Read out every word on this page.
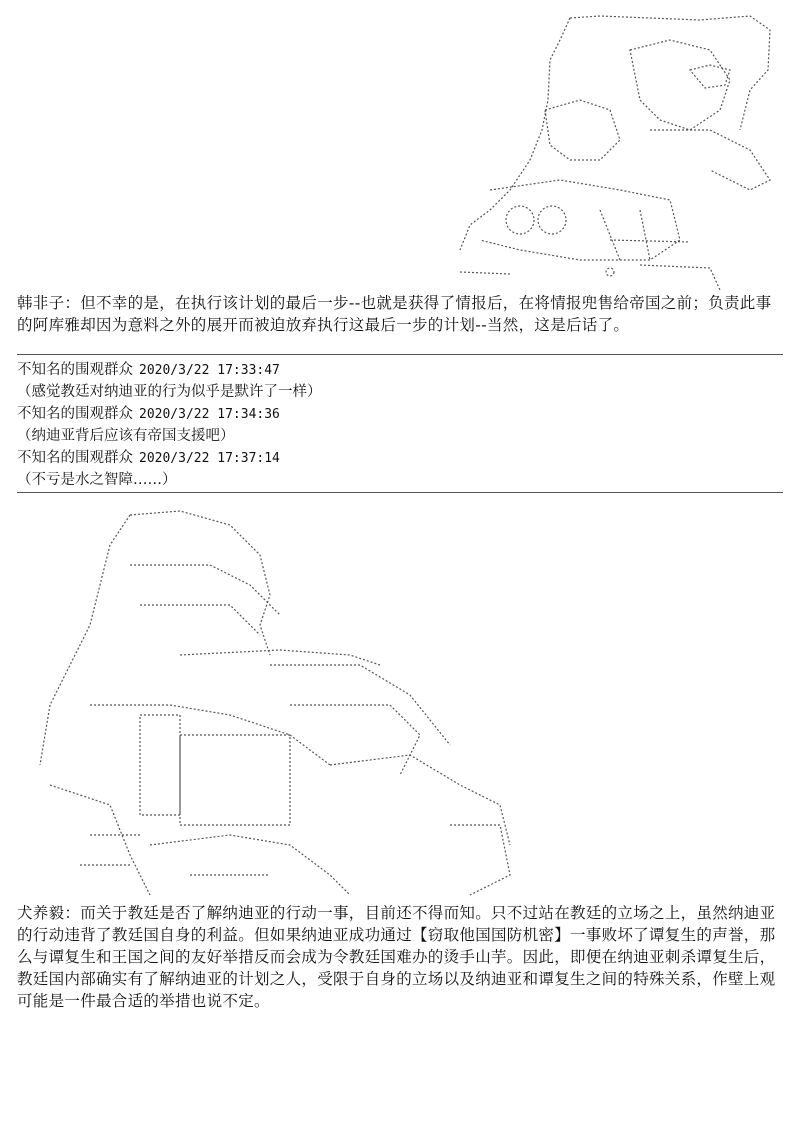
韩非子：但不幸的是，在执行该计划的最后一步--也就是获得了情报后，在将情报兜售给帝国之前；负责此事的阿库雅却因为意料之外的展开而被迫放弃执行这最后一步的计划--当然，这是后话了。

不知名的围观群众 2020/3/22 17:33:47
（感觉教廷对纳迪亚的行为似乎是默许了一样）
不知名的围观群众 2020/3/22 17:34:36
（纳迪亚背后应该有帝国支援吧）
不知名的围观群众 2020/3/22 17:37:14
（不亏是水之智障……）

犬养毅：而关于教廷是否了解纳迪亚的行动一事，目前还不得而知。只不过站在教廷的立场之上，虽然纳迪亚的行动违背了教廷国自身的利益。但如果纳迪亚成功通过【窃取他国国防机密】一事败坏了谭复生的声誉，那么与谭复生和王国之间的友好举措反而会成为令教廷国难办的烫手山芋。因此，即便在纳迪亚刺杀谭复生后，教廷国内部确实有了解纳迪亚的计划之人，受限于自身的立场以及纳迪亚和谭复生之间的特殊关系，作壁上观可能是一件最合适的举措也说不定。
